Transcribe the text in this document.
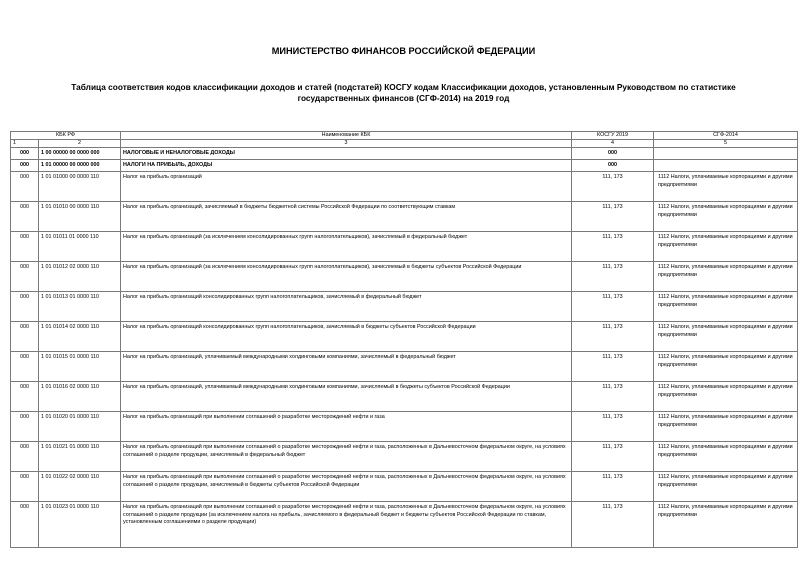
МИНИСТЕРСТВО ФИНАНСОВ РОССИЙСКОЙ ФЕДЕРАЦИИ
Таблица соответствия кодов классификации доходов и статей (подстатей) КОСГУ кодам Классификации доходов, установленным Руководством по статистике государственных финансов (СГФ-2014) на 2019 год
КБК РФ		Наименование КБК	КОСГУ 2019	СГФ-2014
1	2	3	4	5
000	1 00 00000 00 0000 000	НАЛОГОВЫЕ И НЕНАЛОГОВЫЕ ДОХОДЫ	000	
000	1 01 00000 00 0000 000	НАЛОГИ НА ПРИБЫЛЬ, ДОХОДЫ	000	
000	1 01 01000 00 0000 110	Налог на прибыль организаций	111, 173	1112 Налоги, уплачиваемые корпорациями и другими предприятиями
000	1 01 01010 00 0000 110	Налог на прибыль организаций, зачисляемый в бюджеты бюджетной системы Российской Федерации по соответствующим ставкам	111, 173	1112 Налоги, уплачиваемые корпорациями и другими предприятиями
000	1 01 01011 01 0000 110	Налог на прибыль организаций (за исключением консолидированных групп налогоплательщиков), зачисляемый в федеральный бюджет	111, 173	1112 Налоги, уплачиваемые корпорациями и другими предприятиями
000	1 01 01012 02 0000 110	Налог на прибыль организаций (за исключением консолидированных групп налогоплательщиков), зачисляемый в бюджеты субъектов Российской Федерации	111, 173	1112 Налоги, уплачиваемые корпорациями и другими предприятиями
000	1 01 01013 01 0000 110	Налог на прибыль организаций консолидированных групп налогоплательщиков, зачисляемый в федеральный бюджет	111, 173	1112 Налоги, уплачиваемые корпорациями и другими предприятиями
000	1 01 01014 02 0000 110	Налог на прибыль организаций консолидированных групп налогоплательщиков, зачисляемый в бюджеты субъектов Российской Федерации	111, 173	1112 Налоги, уплачиваемые корпорациями и другими предприятиями
000	1 01 01015 01 0000 110	Налог на прибыль организаций, уплачиваемый международными холдинговыми компаниями, зачисляемый в федеральный бюджет	111, 173	1112 Налоги, уплачиваемые корпорациями и другими предприятиями
000	1 01 01016 02 0000 110	Налог на прибыль организаций, уплачиваемый международными холдинговыми компаниями, зачисляемый в бюджеты субъектов Российской Федерации	111, 173	1112 Налоги, уплачиваемые корпорациями и другими предприятиями
000	1 01 01020 01 0000 110	Налог на прибыль организаций при выполнении соглашений о разработке месторождений нефти и газа	111, 173	1112 Налоги, уплачиваемые корпорациями и другими предприятиями
000	1 01 01021 01 0000 110	Налог на прибыль организаций при выполнении соглашений о разработке месторождений нефти и газа, расположенных в Дальневосточном федеральном округе, на условиях соглашений о разделе продукции, зачисляемый в федеральный бюджет	111, 173	1112 Налоги, уплачиваемые корпорациями и другими предприятиями
000	1 01 01022 02 0000 110	Налог на прибыль организаций при выполнении соглашений о разработке месторождений нефти и газа, расположенных в Дальневосточном федеральном округе, на условиях соглашений о разделе продукции, зачисляемый в бюджеты субъектов Российской Федерации	111, 173	1112 Налоги, уплачиваемые корпорациями и другими предприятиями
000	1 01 01023 01 0000 110	Налог на прибыль организаций при выполнении соглашений о разработке месторождений нефти и газа, расположенных в Дальневосточном федеральном округе, на условиях соглашений о разделе продукции (за исключением налога на прибыль, зачисляемого в федеральный бюджет и бюджеты субъектов Российской Федерации по ставкам, установленным соглашениями о разделе продукции)	111, 173	1112 Налоги, уплачиваемые корпорациями и другими предприятиями
